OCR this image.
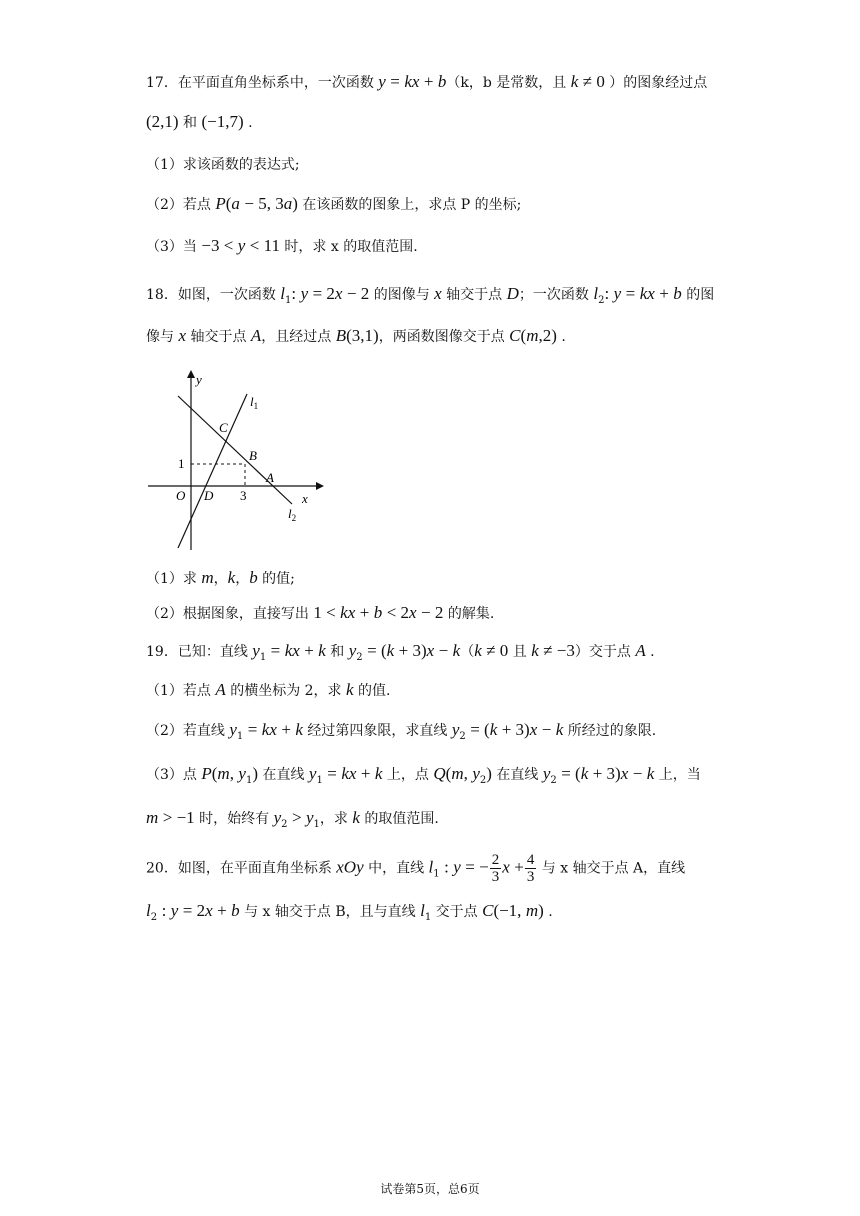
17．在平面直角坐标系中，一次函数 y = kx + b（k，b 是常数，且 k ≠ 0 ）的图象经过点
(2,1) 和 (−1,7) .
（1）求该函数的表达式;
（2）若点 P(a − 5, 3a) 在该函数的图象上，求点 P 的坐标;
（3）当 −3 < y < 11 时，求 x 的取值范围.
18．如图，一次函数 $l_1$: y = 2x − 2 的图像与 x 轴交于点 D；一次函数 $l_2$: y = kx + b 的图
像与 x 轴交于点 A，且经过点 B(3,1)，两函数图像交于点 C(m,2) .
y
x
O D
A
B
C
1
3
$l_1$
$l_2$
（1）求 m，k，b 的值;
（2）根据图象，直接写出 1 < kx + b < 2x − 2 的解集.
19．已知：直线 $y_1$ = kx + k 和 $y_2 = (k + 3)x - k(k \ne 0$ 且 k ≠ −3）交于点 A .
（1）若点 A 的横坐标为 2，求 k 的值.
（2）若直线 $y_1$ = kx + k 经过第四象限，求直线 $y_2 = (k + 3)x - k$ 所经过的象限.
（3）点 P(m, $y_1$) 在直线 $y_1$ = kx + k 上，点 Q(m, $y_2$) 在直线 $y_2 = (k + 3)x - k$ 上，当
m > −1 时，始终有 $y_2 > y_1$，求 k 的取值范围.
20．如图，在平面直角坐标系 xOy 中，直线 $l_1$ : y = − $\frac{2}{3}$ $x + \frac{4}{3}$ 与 x 轴交于点 A，直线
$l_2$ : y = 2x + b 与 x 轴交于点 B，且与直线 $l_1$ 交于点 C(−1, m) .
试卷第5页，总6页
